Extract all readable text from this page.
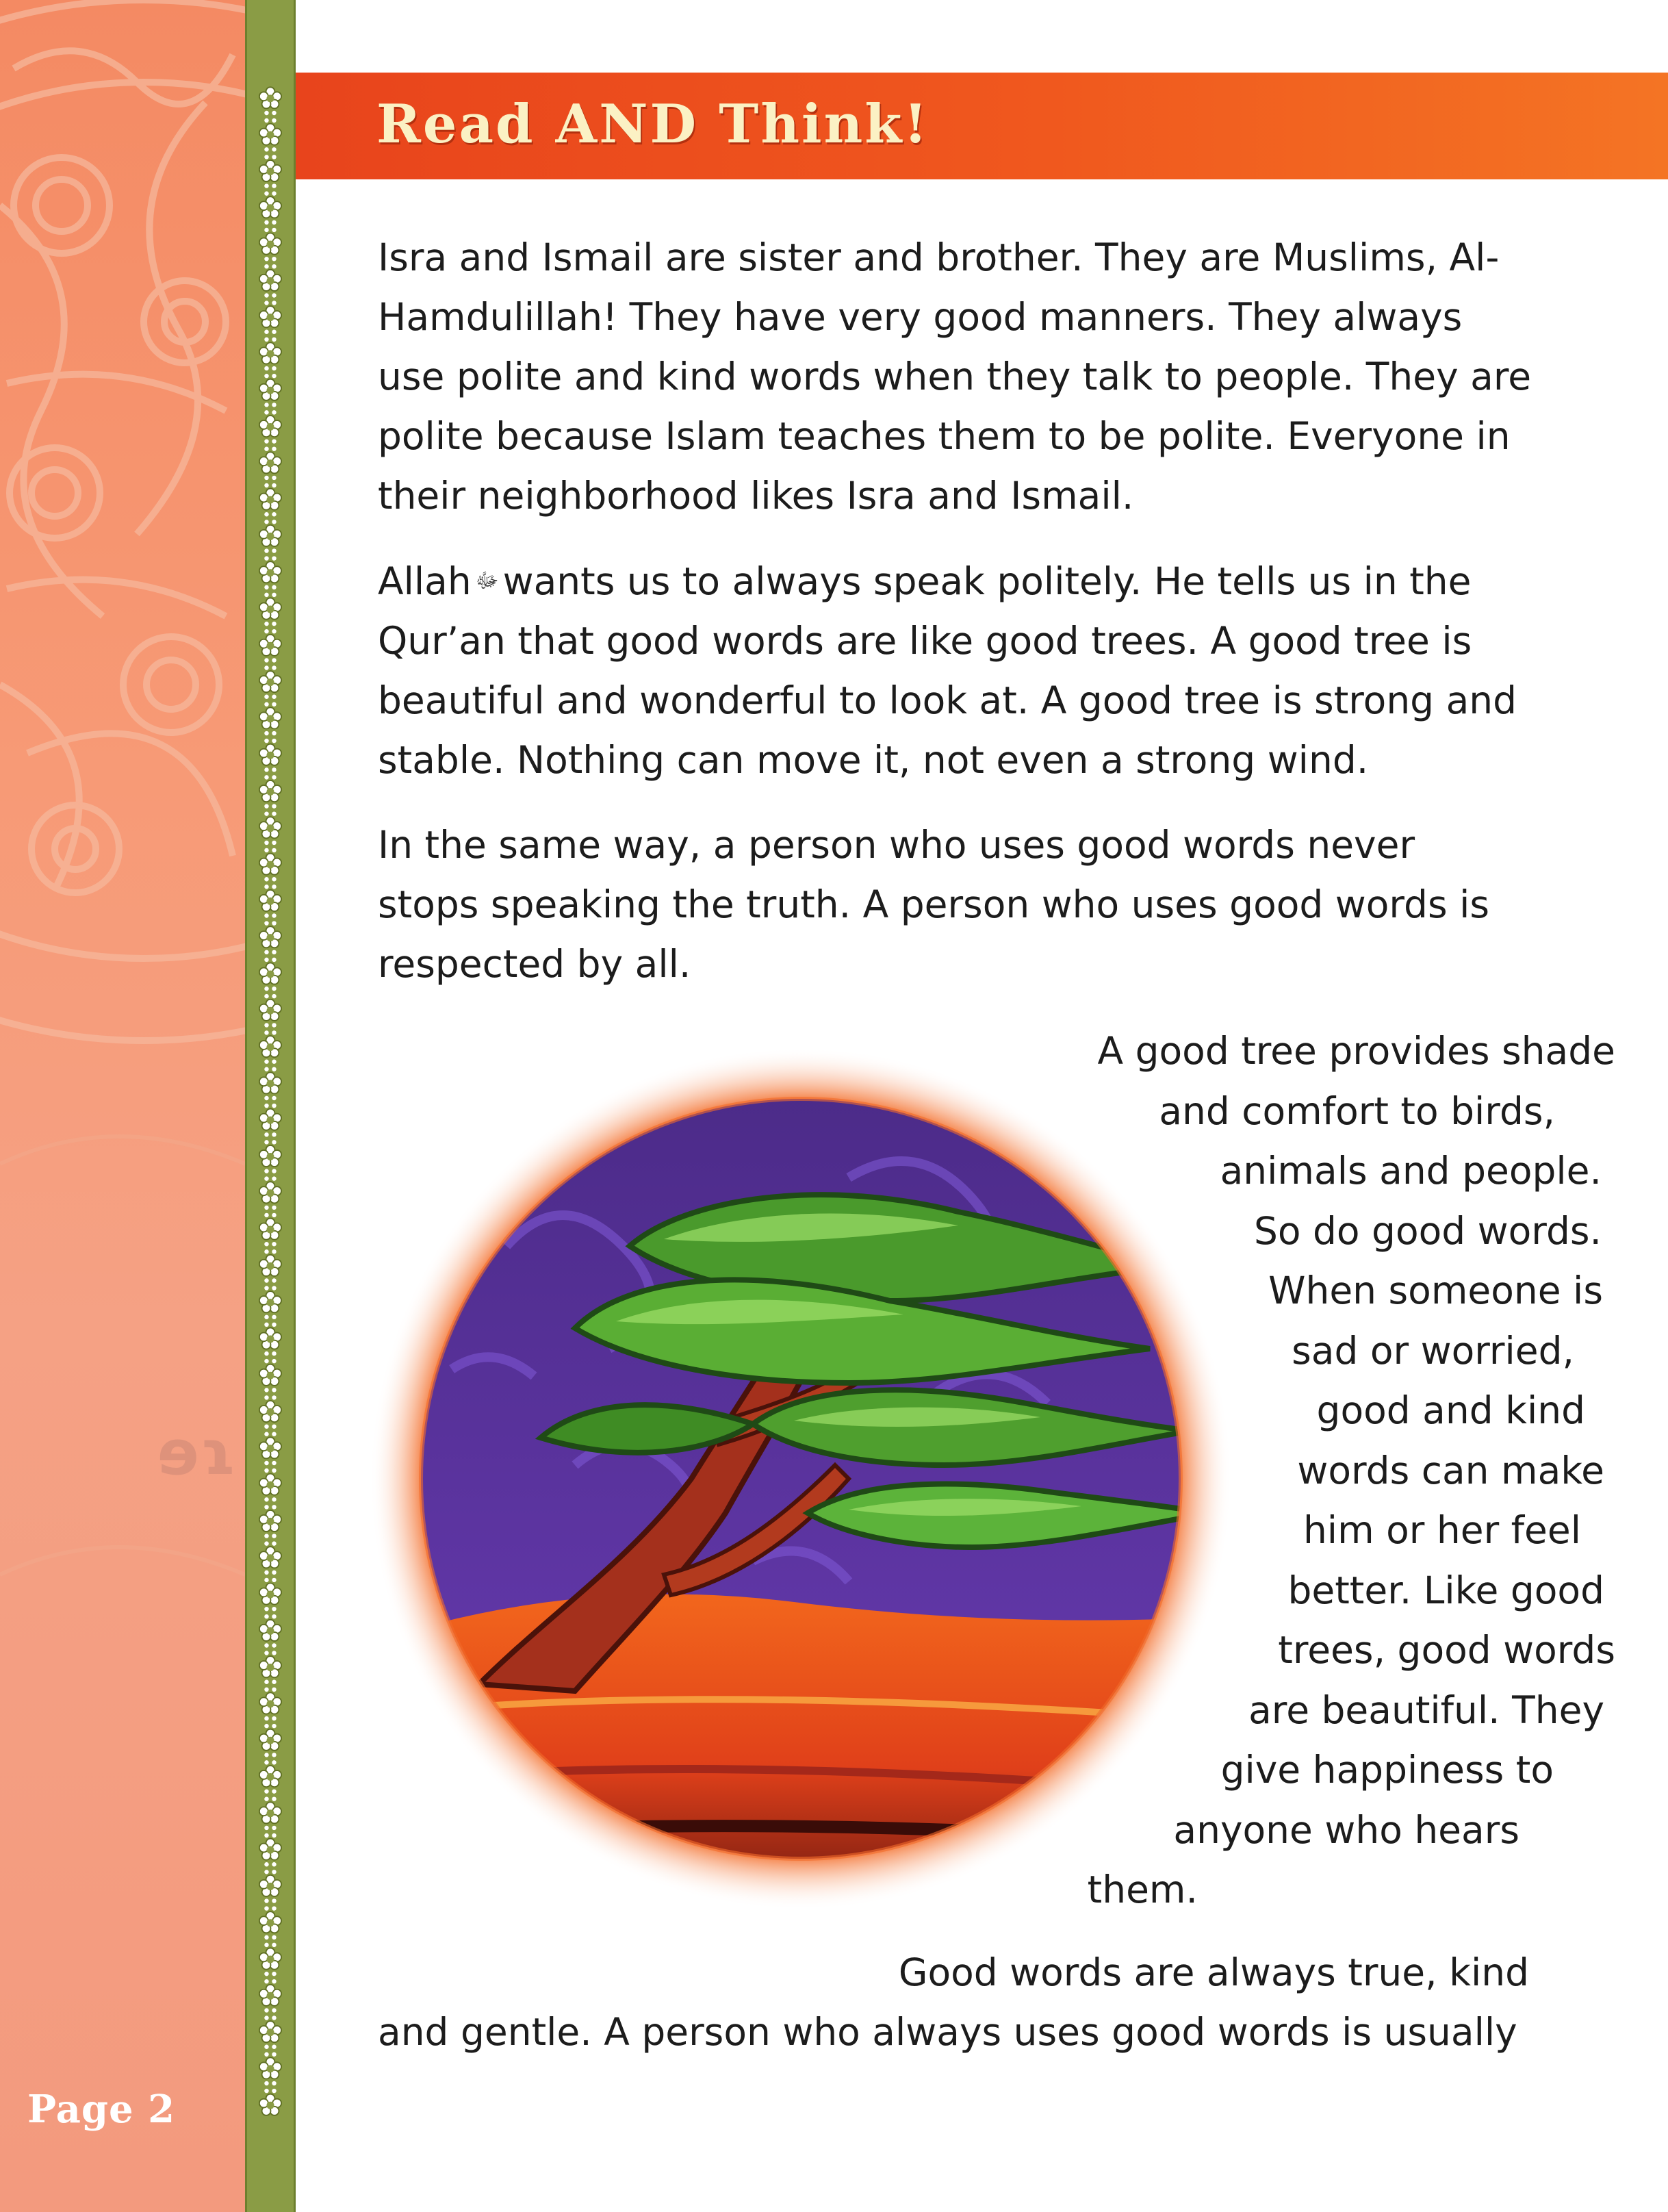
ɘɿ
Page 2
Read AND Think!

Isra and Ismail are sister and brother. They are Muslims, Al-
Hamdulillah! They have very good manners. They always
use polite and kind words when they talk to people. They are
polite because Islam teaches them to be polite. Everyone in
their neighborhood likes Isra and Ismail.

Allah ﷻ wants us to always speak politely. He tells us in the
Qur’an that good words are like good trees. A good tree is
beautiful and wonderful to look at. A good tree is strong and
stable. Nothing can move it, not even a strong wind.

In the same way, a person who uses good words never
stops speaking the truth. A person who uses good words is
respected by all.

A good tree provides shade
and comfort to birds,
animals and people.
So do good words.
When someone is
sad or worried,
good and kind
words can make
him or her feel
better. Like good
trees, good words
are beautiful. They
give happiness to
anyone who hears
them.
Good words are always true, kind
and gentle. A person who always uses good words is usually
